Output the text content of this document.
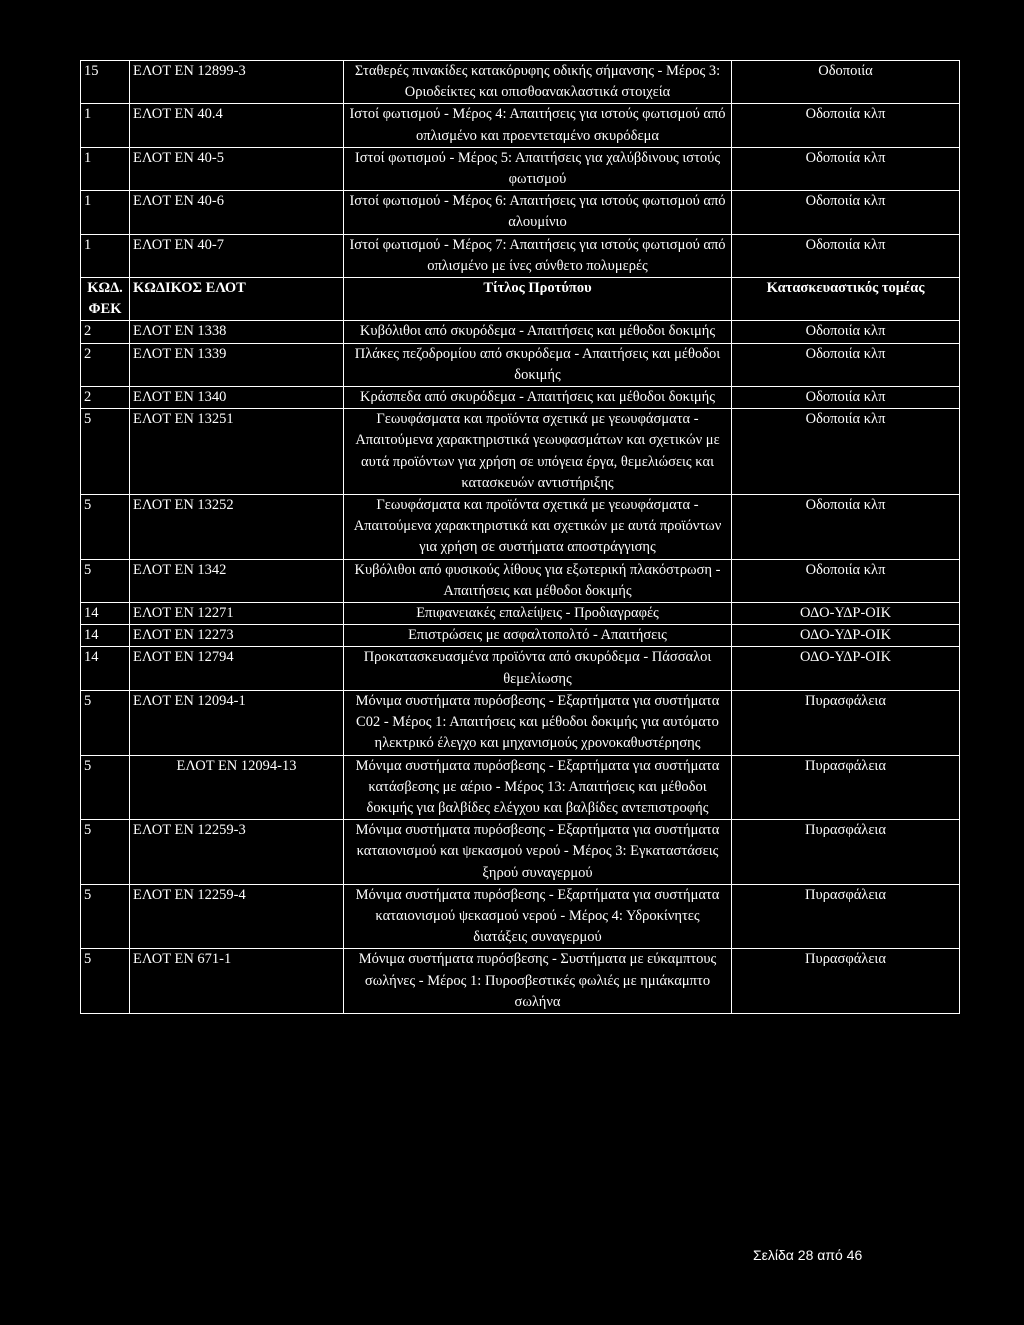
15	ΕΛΟΤ ΕΝ 12899-3	Σταθερές πινακίδες κατακόρυφης οδικής σήμανσης - Μέρος 3: Οριοδείκτες και οπισθοανακλαστικά στοιχεία	Οδοποιία
1	ΕΛΟΤ ΕΝ 40.4	Ιστοί φωτισμού - Μέρος 4: Απαιτήσεις για ιστούς φωτισμού από οπλισμένο και προεντεταμένο σκυρόδεμα	Οδοποιία κλπ
1	ΕΛΟΤ ΕΝ 40-5	Ιστοί φωτισμού - Μέρος 5: Απαιτήσεις για χαλύβδινους ιστούς φωτισμού	Οδοποιία κλπ
1	ΕΛΟΤ ΕΝ 40-6	Ιστοί φωτισμού - Μέρος 6: Απαιτήσεις για ιστούς φωτισμού από αλουμίνιο	Οδοποιία κλπ
1	ΕΛΟΤ ΕΝ 40-7	Ιστοί φωτισμού - Μέρος 7: Απαιτήσεις για ιστούς φωτισμού από οπλισμένο με ίνες σύνθετο πολυμερές	Οδοποιία κλπ
ΚΩΔ. ΦΕΚ	ΚΩΔΙΚΟΣ ΕΛΟΤ	Τίτλος Προτύπου	Κατασκευαστικός τομέας
2	ΕΛΟΤ ΕΝ 1338	Κυβόλιθοι από σκυρόδεμα - Απαιτήσεις και μέθοδοι δοκιμής	Οδοποιία κλπ
2	ΕΛΟΤ ΕΝ 1339	Πλάκες πεζοδρομίου από σκυρόδεμα - Απαιτήσεις και μέθοδοι δοκιμής	Οδοποιία κλπ
2	ΕΛΟΤ ΕΝ 1340	Κράσπεδα από σκυρόδεμα - Απαιτήσεις και μέθοδοι δοκιμής	Οδοποιία κλπ
5	ΕΛΟΤ ΕΝ 13251	Γεωυφάσματα και προϊόντα σχετικά με γεωυφάσματα - Απαιτούμενα χαρακτηριστικά γεωυφασμάτων και σχετικών με αυτά προϊόντων για χρήση σε υπόγεια έργα, θεμελιώσεις και κατασκευών αντιστήριξης	Οδοποιία κλπ
5	ΕΛΟΤ ΕΝ 13252	Γεωυφάσματα και προϊόντα σχετικά με γεωυφάσματα - Απαιτούμενα χαρακτηριστικά και σχετικών με αυτά προϊόντων για χρήση σε συστήματα αποστράγγισης	Οδοποιία κλπ
5	ΕΛΟΤ ΕΝ 1342	Κυβόλιθοι από φυσικούς λίθους για εξωτερική πλακόστρωση - Απαιτήσεις και μέθοδοι δοκιμής	Οδοποιία κλπ
14	ΕΛΟΤ ΕΝ 12271	Επιφανειακές επαλείψεις - Προδιαγραφές	ΟΔΟ-ΥΔΡ-ΟΙΚ
14	ΕΛΟΤ ΕΝ 12273	Επιστρώσεις με ασφαλτοπολτό - Απαιτήσεις	ΟΔΟ-ΥΔΡ-ΟΙΚ
14	ΕΛΟΤ ΕΝ 12794	Προκατασκευασμένα προϊόντα από σκυρόδεμα - Πάσσαλοι θεμελίωσης	ΟΔΟ-ΥΔΡ-ΟΙΚ
5	ΕΛΟΤ ΕΝ 12094-1	Μόνιμα συστήματα πυρόσβεσης - Εξαρτήματα για συστήματα C02 - Μέρος 1: Απαιτήσεις και μέθοδοι δοκιμής για αυτόματο ηλεκτρικό έλεγχο και μηχανισμούς χρονοκαθυστέρησης	Πυρασφάλεια
5	ΕΛΟΤ ΕΝ 12094-13	Μόνιμα συστήματα πυρόσβεσης - Εξαρτήματα για συστήματα κατάσβεσης με αέριο - Μέρος 13: Απαιτήσεις και μέθοδοι δοκιμής για βαλβίδες ελέγχου και βαλβίδες αντεπιστροφής	Πυρασφάλεια
5	ΕΛΟΤ ΕΝ 12259-3	Μόνιμα συστήματα πυρόσβεσης - Εξαρτήματα για συστήματα καταιονισμού και ψεκασμού νερού - Μέρος 3: Εγκαταστάσεις ξηρού συναγερμού	Πυρασφάλεια
5	ΕΛΟΤ ΕΝ 12259-4	Μόνιμα συστήματα πυρόσβεσης - Εξαρτήματα για συστήματα καταιονισμού ψεκασμού νερού - Μέρος 4: Υδροκίνητες διατάξεις συναγερμού	Πυρασφάλεια
5	ΕΛΟΤ ΕΝ 671-1	Μόνιμα συστήματα πυρόσβεσης - Συστήματα με εύκαμπτους σωλήνες - Μέρος 1: Πυροσβεστικές φωλιές με ημιάκαμπτο σωλήνα	Πυρασφάλεια
Σελίδα 28 από 46
